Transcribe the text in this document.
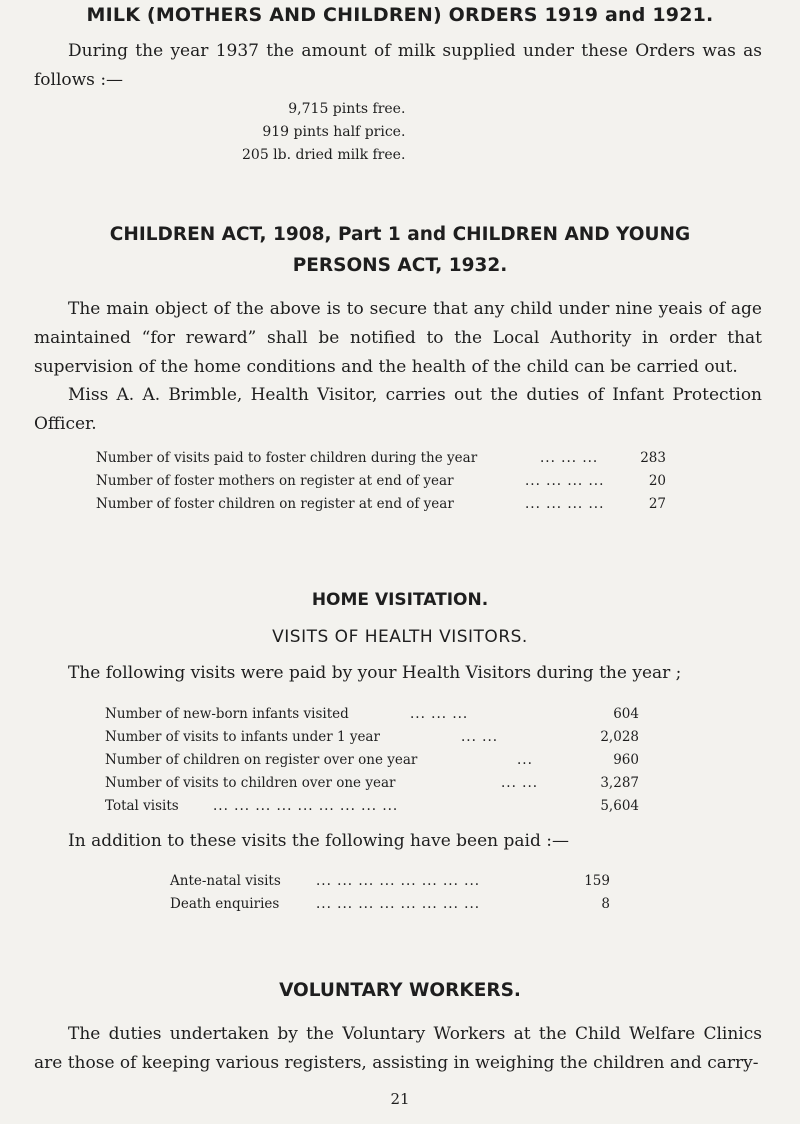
MILK (MOTHERS AND CHILDREN) ORDERS 1919 and 1921.
During the year 1937 the amount of milk supplied under these Orders was as follows :—
9,715 pints free.
919 pints half price.
205 lb. dried milk free.
CHILDREN ACT, 1908, Part 1 and CHILDREN AND YOUNG
PERSONS ACT, 1932.
The main object of the above is to secure that any child under nine yeais of age maintained “for reward” shall be notified to the Local Authority in order that supervision of the home conditions and the health of the child can be carried out.
Miss A. A. Brimble, Health Visitor, carries out the duties of Infant Protection Officer.
Number of visits paid to foster children during the year	... ... ...	283
Number of foster mothers on register at end of year	... ... ... ...	20
Number of foster children on register at end of year	... ... ... ...	27
HOME VISITATION.
VISITS OF HEALTH VISITORS.
The following visits were paid by your Health Visitors during the year ;
Number of new-born infants visited	... ... ...	604
Number of visits to infants under 1 year	... ...	2,028
Number of children on register over one year	...	960
Number of visits to children over one year	... ...	3,287
Total visits	... ... ... ... ... ... ... ... ...	5,604
In addition to these visits the following have been paid :—
Ante-natal visits	... ... ... ... ... ... ... ...	159
Death enquiries	... ... ... ... ... ... ... ...	8
VOLUNTARY WORKERS.
The duties undertaken by the Voluntary Workers at the Child Welfare Clinics are those of keeping various registers, assisting in weighing the children and carry-
21
